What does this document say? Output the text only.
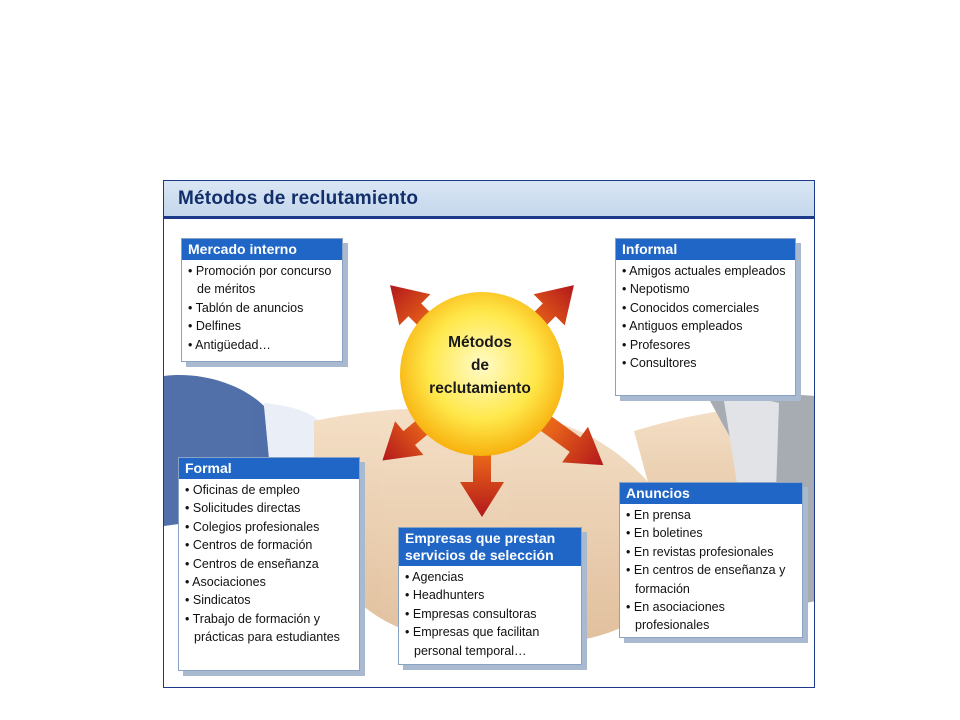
Métodos de reclutamiento
Métodos
de
reclutamiento
Mercado interno
• Promoción por concurso de méritos
• Tablón de anuncios
• Delfines
• Antigüedad…
Informal
• Amigos actuales empleados
• Nepotismo
• Conocidos comerciales
• Antiguos empleados
• Profesores
• Consultores
Formal
• Oficinas de empleo
• Solicitudes directas
• Colegios profesionales
• Centros de formación
• Centros de enseñanza
• Asociaciones
• Sindicatos
• Trabajo de formación y prácticas para estudiantes
Empresas que prestan servicios de selección
• Agencias
• Headhunters
• Empresas consultoras
• Empresas que facilitan personal temporal…
Anuncios
• En prensa
• En boletines
• En revistas profesionales
• En centros de enseñanza y formación
• En asociaciones profesionales
